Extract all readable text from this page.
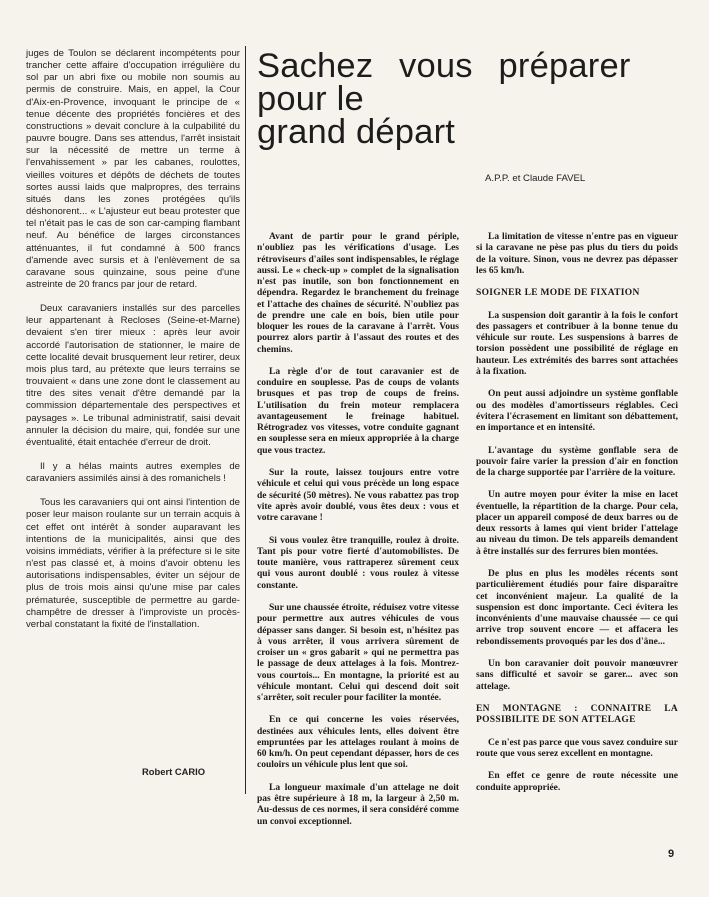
juges de Toulon se déclarent incompétents pour trancher cette affaire d'occupation irrégulière du sol par un abri fixe ou mobile non soumis au permis de construire. Mais, en appel, la Cour d'Aix-en-Provence, invoquant le principe de « tenue décente des propriétés foncières et des constructions » devait conclure à la culpabilité du pauvre bougre. Dans ses attendus, l'arrêt insistait sur la nécessité de mettre un terme à l'envahissement » par les cabanes, roulottes, vieilles voitures et dépôts de déchets de toutes sortes aussi laids que malpropres, des terrains situés dans les zones protégées qu'ils déshonorent... « L'ajusteur eut beau protester que tel n'était pas le cas de son car-camping flambant neuf. Au bénéfice de larges circonstances atténuantes, il fut condamné à 500 francs d'amende avec sursis et à l'enlèvement de sa caravane sous quinzaine, sous peine d'une astreinte de 20 francs par jour de retard.

Deux caravaniers installés sur des parcelles leur appartenant à Recloses (Seine-et-Marne) devaient s'en tirer mieux : après leur avoir accordé l'autorisation de stationner, le maire de cette localité devait brusquement leur retirer, deux mois plus tard, au prétexte que leurs terrains se trouvaient « dans une zone dont le classement au titre des sites venait d'être demandé par la commission départementale des perspectives et paysages ». Le tribunal administratif, saisi devait annuler la décision du maire, qui, fondée sur une éventualité, était entachée d'erreur de droit.

Il y a hélas maints autres exemples de caravaniers assimilés ainsi à des romanichels !

Tous les caravaniers qui ont ainsi l'intention de poser leur maison roulante sur un terrain acquis à cet effet ont intérêt à sonder auparavant les intentions de la municipalités, ainsi que des voisins immédiats, vérifier à la préfecture si le site n'est pas classé et, à moins d'avoir obtenu les autorisations indispensables, éviter un séjour de plus de trois mois ainsi qu'une mise par cales prématurée, susceptible de permettre au garde-champêtre de dresser à l'improviste un procès-verbal constatant la fixité de l'installation.

Robert CARIO
Sachez vous préparer
pour le
grand départ
A.P.P. et Claude FAVEL

Avant de partir pour le grand périple, n'oubliez pas les vérifications d'usage. Les rétroviseurs d'ailes sont indispensables, le réglage aussi. Le « check-up » complet de la signalisation n'est pas inutile, son bon fonctionnement en dépendra. Regardez le branchement du freinage et l'attache des chaînes de sécurité. N'oubliez pas de prendre une cale en bois, bien utile pour bloquer les roues de la caravane à l'arrêt. Vous pourrez alors partir à l'assaut des routes et des chemins.

La règle d'or de tout caravanier est de conduire en souplesse. Pas de coups de volants brusques et pas trop de coups de freins. L'utilisation du frein moteur remplacera avantageusement le freinage habituel. Rétrogradez vos vitesses, votre conduite gagnant en souplesse sera en mieux appropriée à la charge que vous tractez.

Sur la route, laissez toujours entre votre véhicule et celui qui vous précède un long espace de sécurité (50 mètres). Ne vous rabattez pas trop vite après avoir doublé, vous êtes deux : vous et votre caravane !

Si vous voulez être tranquille, roulez à droite. Tant pis pour votre fierté d'automobilistes. De toute manière, vous rattraperez sûrement ceux qui vous auront doublé : vous roulez à vitesse constante.

Sur une chaussée étroite, réduisez votre vitesse pour permettre aux autres véhicules de vous dépasser sans danger. Si besoin est, n'hésitez pas à vous arrêter, il vous arrivera sûrement de croiser un « gros gabarit » qui ne permettra pas le passage de deux attelages à la fois. Montrez-vous courtois... En montagne, la priorité est au véhicule montant. Celui qui descend doit soit s'arrêter, soit reculer pour faciliter la montée.

En ce qui concerne les voies réservées, destinées aux véhicules lents, elles doivent être empruntées par les attelages roulant à moins de 60 km/h. On peut cependant dépasser, hors de ces couloirs un véhicule plus lent que soi.

La longueur maximale d'un attelage ne doit pas être supérieure à 18 m, la largeur à 2,50 m. Au-dessus de ces normes, il sera considéré comme un convoi exceptionnel.

La limitation de vitesse n'entre pas en vigueur si la caravane ne pèse pas plus du tiers du poids de la voiture. Sinon, vous ne devrez pas dépasser les 65 km/h.

SOIGNER LE MODE DE FIXATION

La suspension doit garantir à la fois le confort des passagers et contribuer à la bonne tenue du véhicule sur route. Les suspensions à barres de torsion possèdent une possibilité de réglage en hauteur. Les extrémités des barres sont attachées à la fixation.

On peut aussi adjoindre un système gonflable ou des modèles d'amortisseurs réglables. Ceci évitera l'écrasement en limitant son débattement, en importance et en intensité.

L'avantage du système gonflable sera de pouvoir faire varier la pression d'air en fonction de la charge supportée par l'arrière de la voiture.

Un autre moyen pour éviter la mise en lacet éventuelle, la répartition de la charge. Pour cela, placer un appareil composé de deux barres ou de deux ressorts à lames qui vient brider l'attelage au niveau du timon. De tels appareils demandent à être installés sur des ferrures bien montées.

De plus en plus les modèles récents sont particulièrement étudiés pour faire disparaître cet inconvénient majeur. La qualité de la suspension est donc importante. Ceci évitera les inconvénients d'une mauvaise chaussée — ce qui arrive trop souvent encore — et affacera les rebondissements provoqués par les dos d'âne...

Un bon caravanier doit pouvoir manœuvrer sans difficulté et savoir se garer... avec son attelage.

EN MONTAGNE : CONNAITRE LA POSSIBILITE DE SON ATTELAGE

Ce n'est pas parce que vous savez conduire sur route que vous serez excellent en montagne.

En effet ce genre de route nécessite une conduite appropriée.

9
